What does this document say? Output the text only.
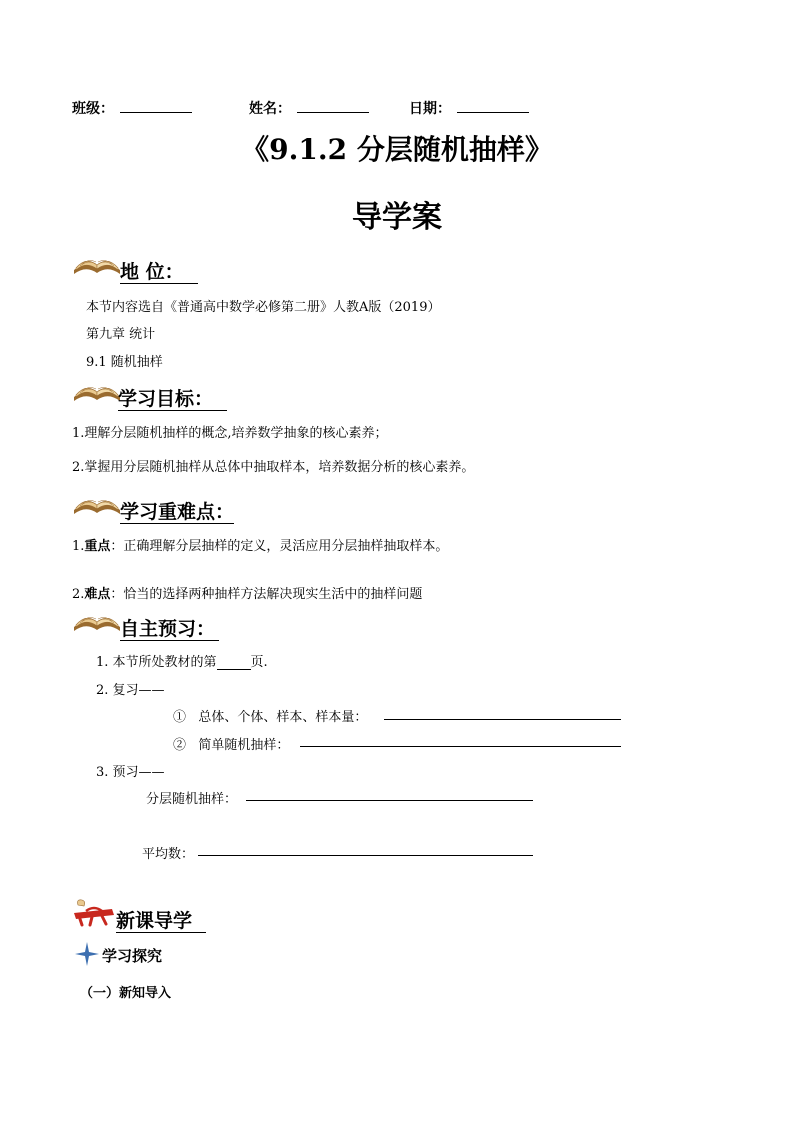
班级：	姓名：	日期：
《9.1.2 分层随机抽样》
导学案
地 位：
本节内容选自《普通高中数学必修第二册》人教A版（2019）
第九章 统计
9.1 随机抽样
学习目标：
1.理解分层随机抽样的概念,培养数学抽象的核心素养；
2.掌握用分层随机抽样从总体中抽取样本，培养数据分析的核心素养。
学习重难点：
1.重点：正确理解分层抽样的定义，灵活应用分层抽样抽取样本。
2.难点：恰当的选择两种抽样方法解决现实生活中的抽样问题
自主预习：
1. 本节所处教材的第	页.
2. 复习——
① 总体、个体、样本、样本量：
② 简单随机抽样：
3. 预习——
分层随机抽样：
平均数：
新课导学
学习探究
（一）新知导入
